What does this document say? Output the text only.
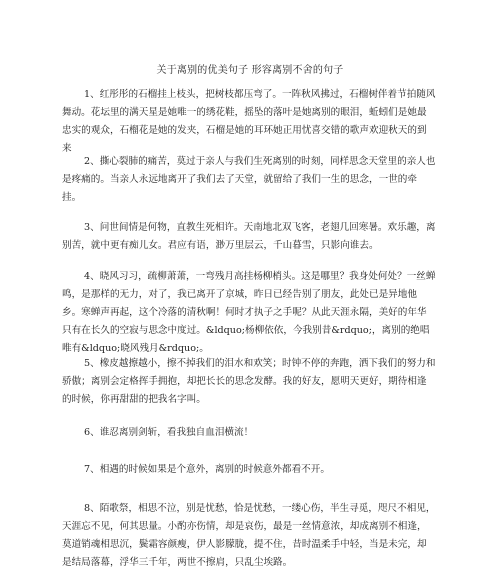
关于离别的优美句子 形容离别不舍的句子

1、红彤彤的石榴挂上枝头，把树枝都压弯了。一阵秋风拂过，石榴树伴着节拍随风舞动。花坛里的满天星是她唯一的绣花鞋，摇坠的落叶是她离别的眼泪，蚯蚓们是她最忠实的观众，石榴花是她的发夹，石榴是她的耳环她正用忧喜交错的歌声欢迎秋天的到来

2、撕心裂肺的痛苦，莫过于亲人与我们生死离别的时刻，同样思念天堂里的亲人也是疼痛的。当亲人永远地离开了我们去了天堂，就留给了我们一生的思念，一世的牵挂。

3、问世间情是何物，直教生死相许。天南地北双飞客，老翅几回寒暑。欢乐趣，离别苦，就中更有痴儿女。君应有语，渺万里层云，千山暮雪，只影向谁去。

4、晓风习习，疏柳萧萧，一弯残月高挂杨柳梢头。这是哪里？我身处何处？一丝蝉鸣，是那样的无力，对了，我已离开了京城，昨日已经告别了朋友，此处已是异地他乡。寒蝉声再起，这个冷落的清秋啊！何时才执子之手呢？从此天涯永隔，美好的年华只有在长久的空寂与思念中度过。&ldquo;杨柳依依，今我别昔&rdquo;，离别的绝唱唯有&ldquo;晓风残月&rdquo;。

5、橡皮越擦越小，擦不掉我们的泪水和欢笑；时钟不停的奔跑，洒下我们的努力和骄傲；离别会定格挥手拥抱，却把长长的思念发酵。我的好友，愿明天更好，期待相逢的时候，你再甜甜的把我名字叫。

6、谁忍离别剑斩，看我独自血泪横流！

7、相遇的时候如果是个意外，离别的时候意外都看不开。

8、陌歌祭，相思不泣，别是忧愁，恰是忧愁，一缕心伤，半生寻觅，咫尺不相见，天涯忘不见，何其思量。小酌亦伤情，却是哀伤，最是一丝情意浓，却成离别不相逢，莫道销魂相思沉，鬓霜容颜瘦，伊人影朦胧，提不住，昔时温柔手中轻，当是未完，却是结局落幕，浮华三千年，两世不擦肩，只乱尘埃路。
